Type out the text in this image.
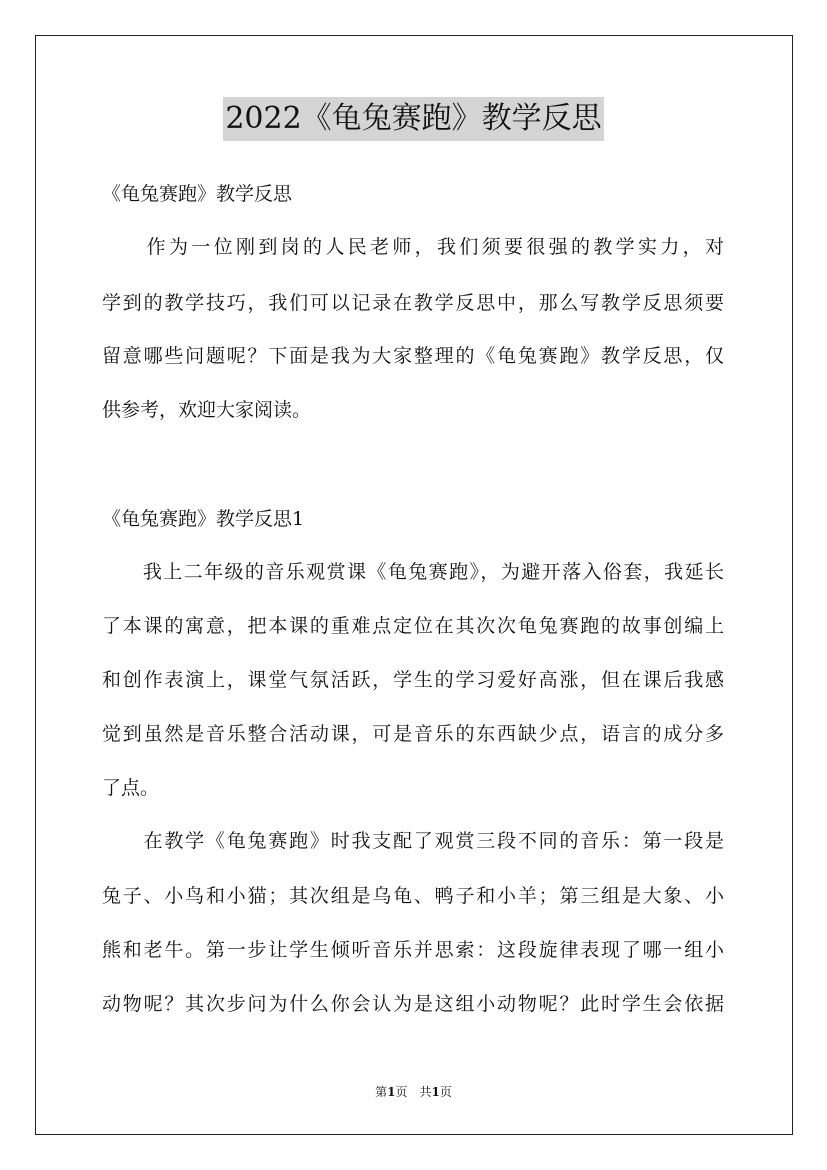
2022《龟兔赛跑》教学反思
《龟兔赛跑》教学反思
　　作为一位刚到岗的人民老师，我们须要很强的教学实力，对
学到的教学技巧，我们可以记录在教学反思中，那么写教学反思须要
留意哪些问题呢？下面是我为大家整理的《龟兔赛跑》教学反思，仅
供参考，欢迎大家阅读。
《龟兔赛跑》教学反思1
　　我上二年级的音乐观赏课《龟兔赛跑》，为避开落入俗套，我延长
了本课的寓意，把本课的重难点定位在其次次龟兔赛跑的故事创编上
和创作表演上，课堂气氛活跃，学生的学习爱好高涨，但在课后我感
觉到虽然是音乐整合活动课，可是音乐的东西缺少点，语言的成分多
了点。
　　在教学《龟兔赛跑》时我支配了观赏三段不同的音乐：第一段是
兔子、小鸟和小猫；其次组是乌龟、鸭子和小羊；第三组是大象、小
熊和老牛。第一步让学生倾听音乐并思索：这段旋律表现了哪一组小
动物呢？其次步问为什么你会认为是这组小动物呢？此时学生会依据
第1页　共1页
